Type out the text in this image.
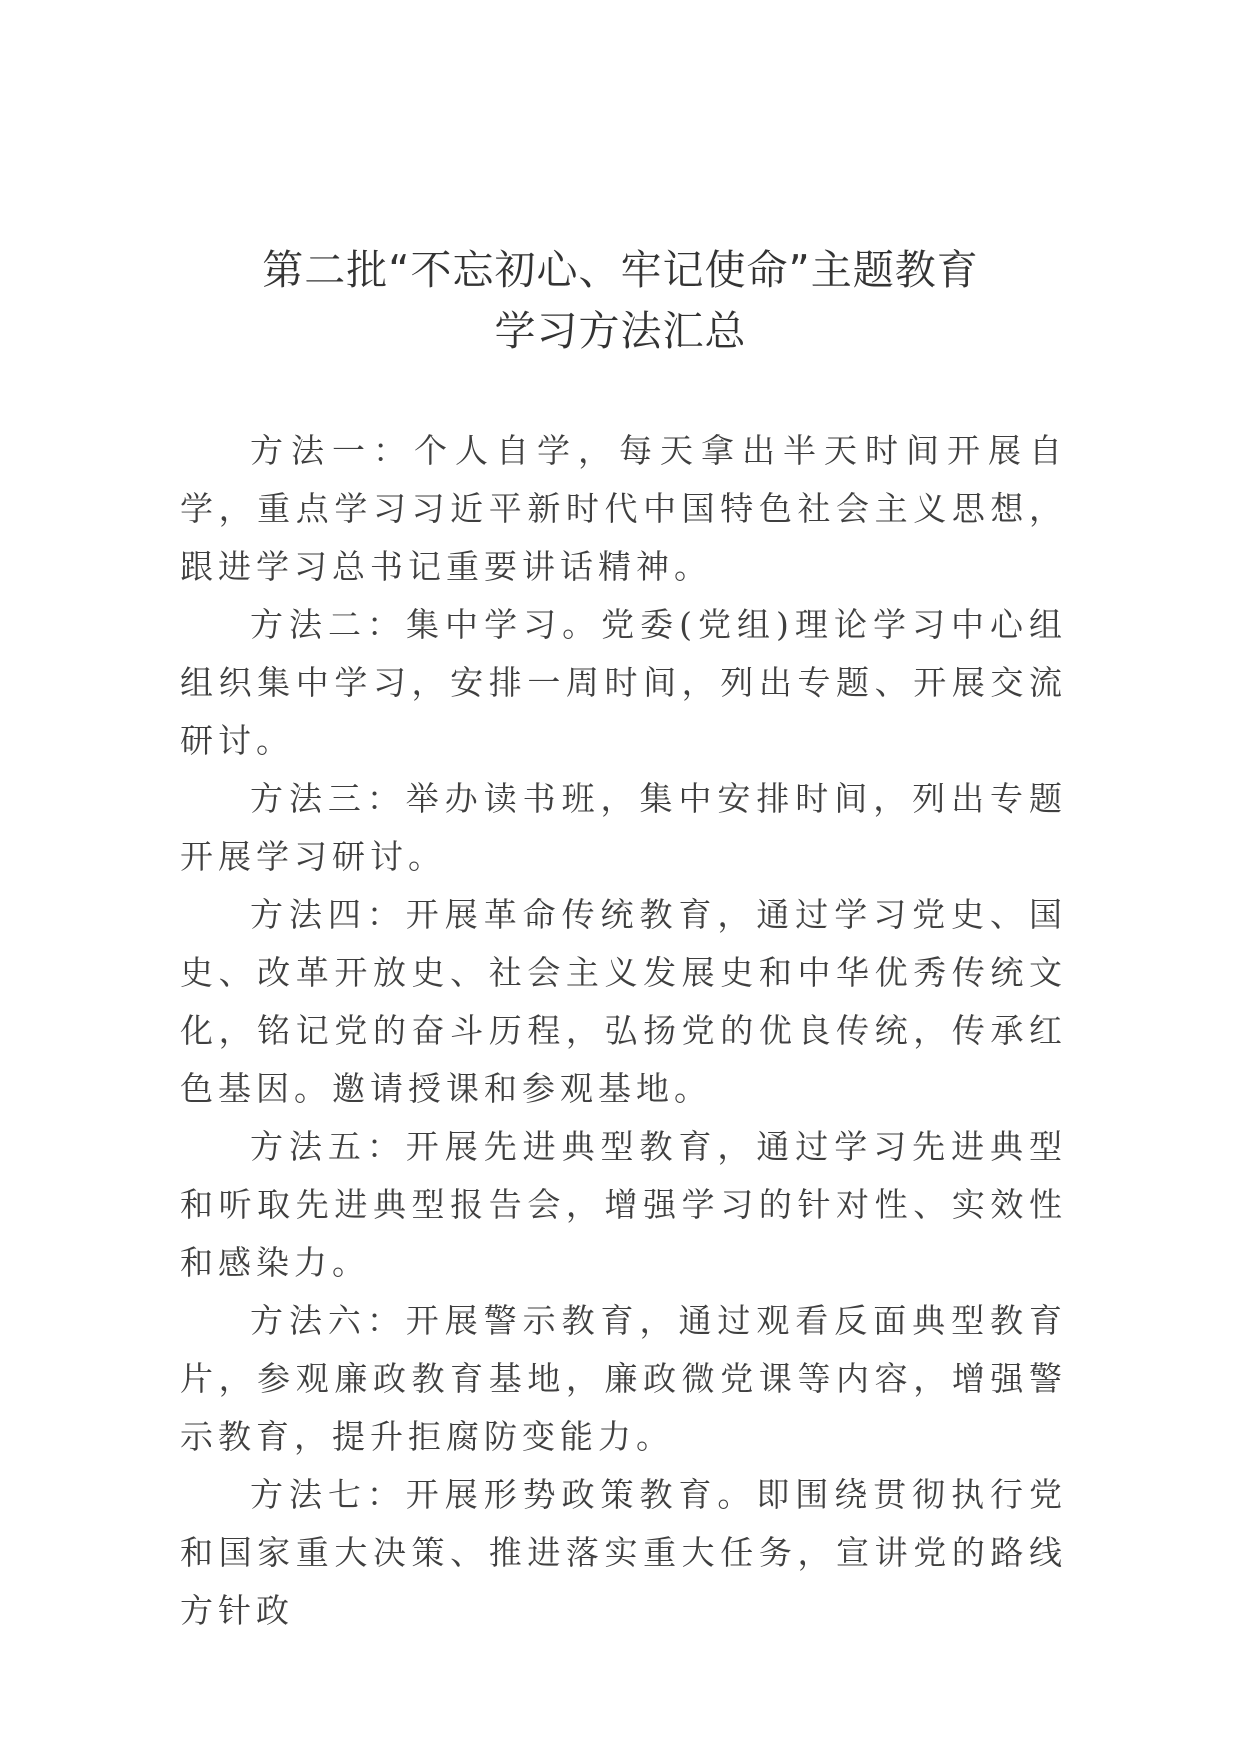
第二批“不忘初心、牢记使命”主题教育
学习方法汇总

方法一：个人自学，每天拿出半天时间开展自学，重点学习习近平新时代中国特色社会主义思想，跟进学习总书记重要讲话精神。

方法二：集中学习。党委(党组)理论学习中心组组织集中学习，安排一周时间，列出专题、开展交流研讨。

方法三：举办读书班，集中安排时间，列出专题开展学习研讨。

方法四：开展革命传统教育，通过学习党史、国史、改革开放史、社会主义发展史和中华优秀传统文化，铭记党的奋斗历程，弘扬党的优良传统，传承红色基因。邀请授课和参观基地。

方法五：开展先进典型教育，通过学习先进典型和听取先进典型报告会，增强学习的针对性、实效性和感染力。

方法六：开展警示教育，通过观看反面典型教育片，参观廉政教育基地，廉政微党课等内容，增强警示教育，提升拒腐防变能力。

方法七：开展形势政策教育。即围绕贯彻执行党和国家重大决策、推进落实重大任务，宣讲党的路线方针政
